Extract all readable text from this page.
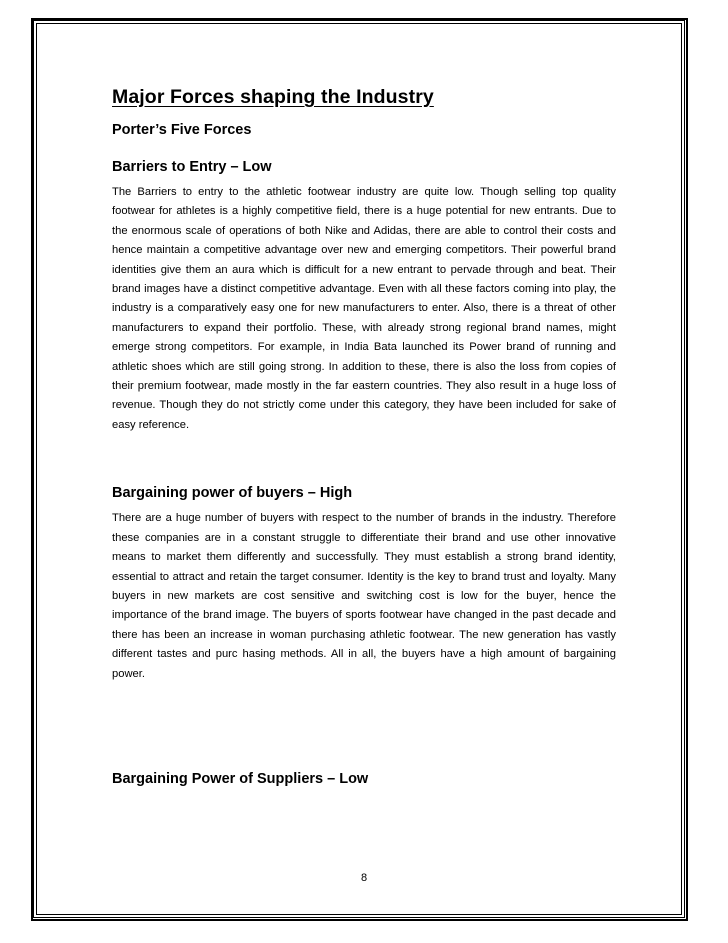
Major Forces shaping the Industry
Porter’s Five Forces
Barriers to Entry – Low

The Barriers to entry to the athletic footwear industry are quite low. Though selling top quality footwear for athletes is a highly competitive field, there is a huge potential for new entrants. Due to the enormous scale of operations of both Nike and Adidas, there are able to control their costs and hence maintain a competitive advantage over new and emerging competitors. Their powerful brand identities give them an aura which is difficult for a new entrant to pervade through and beat. Their brand images have a distinct competitive advantage. Even with all these factors coming into play, the industry is a comparatively easy one for new manufacturers to enter. Also, there is a threat of other manufacturers to expand their portfolio. These, with already strong regional brand names, might emerge strong competitors. For example, in India Bata launched its Power brand of running and athletic shoes which are still going strong. In addition to these, there is also the loss from copies of their premium footwear, made mostly in the far eastern countries. They also result in a huge loss of revenue. Though they do not strictly come under this category, they have been included for sake of easy reference.

Bargaining power of buyers – High

There are a huge number of buyers with respect to the number of brands in the industry. Therefore these companies are in a constant struggle to differentiate their brand and use other innovative means to market them differently and successfully. They must establish a strong brand identity, essential to attract and retain the target consumer. Identity is the key to brand trust and loyalty. Many buyers in new markets are cost sensitive and switching cost is low for the buyer, hence the importance of the brand image. The buyers of sports footwear have changed in the past decade and there has been an increase in woman purchasing athletic footwear. The new generation has vastly different tastes and purc hasing methods. All in all, the buyers have a high amount of bargaining power.

Bargaining Power of Suppliers – Low
8
